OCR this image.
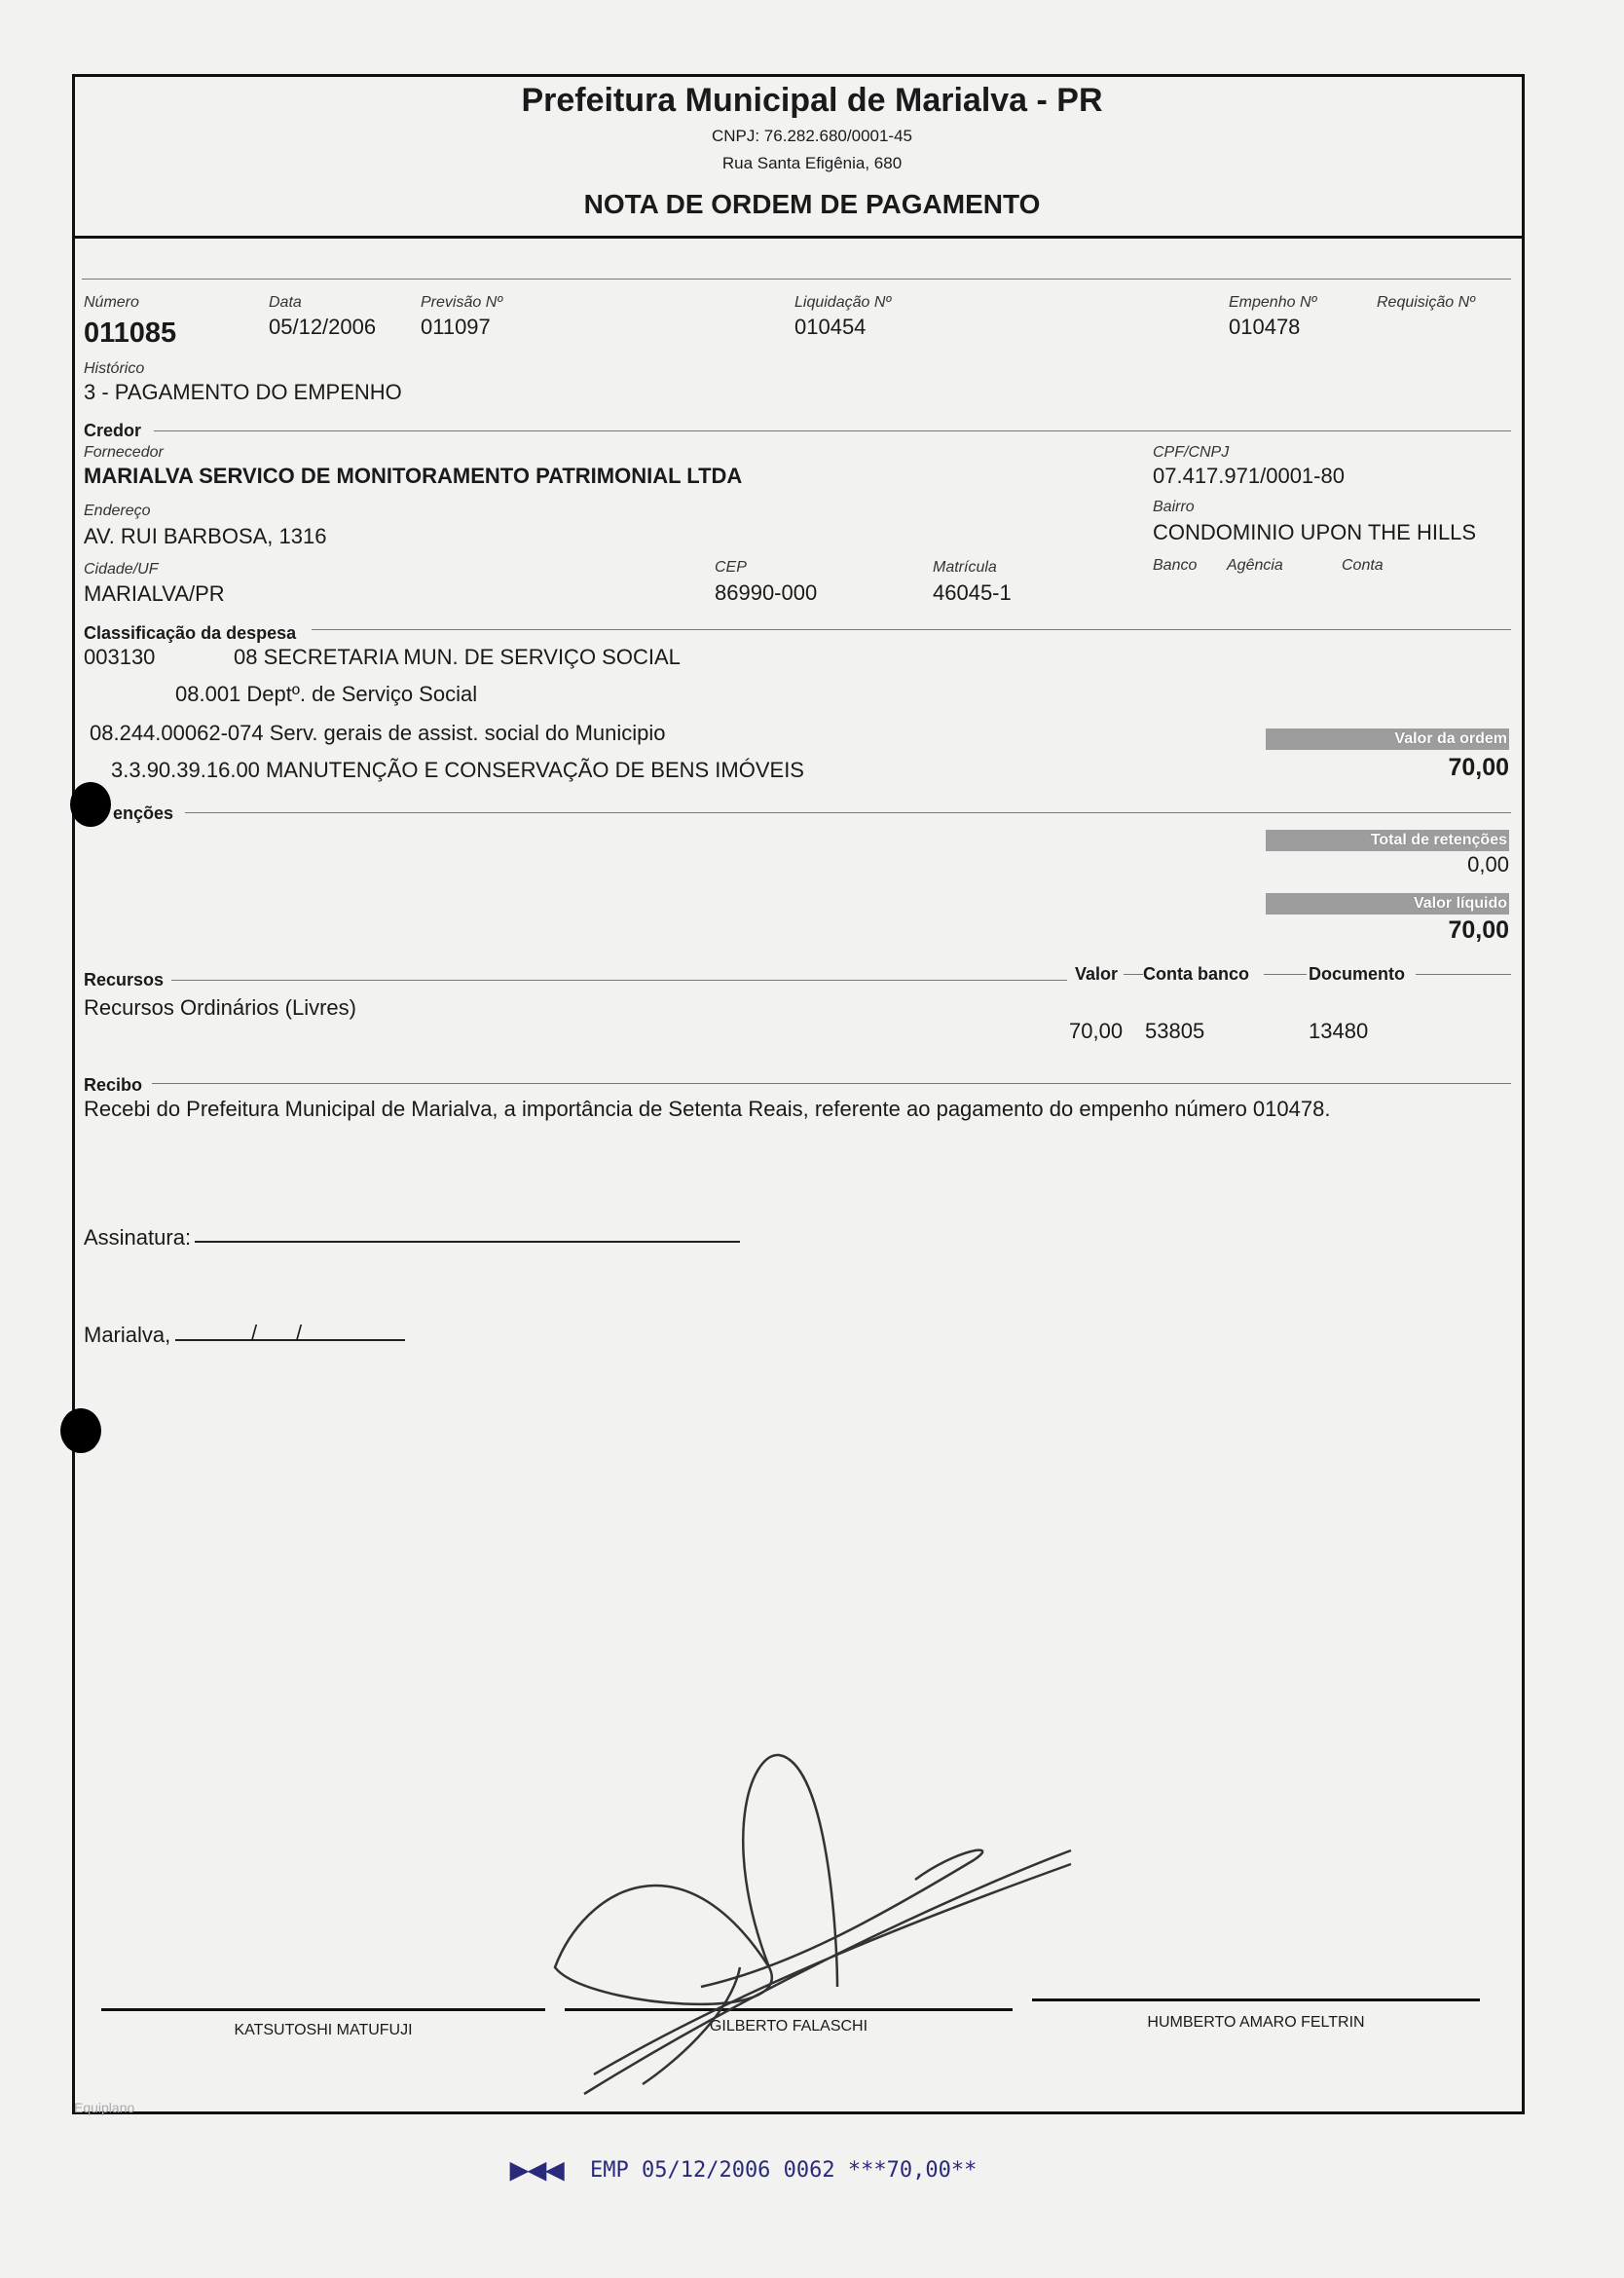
Prefeitura Municipal de Marialva - PR
CNPJ: 76.282.680/0001-45
Rua Santa Efigênia, 680
NOTA DE ORDEM DE PAGAMENTO
Número
011085
Data
05/12/2006
Previsão Nº
011097
Liquidação Nº
010454
Empenho Nº
010478
Requisição Nº
Histórico
3 - PAGAMENTO DO EMPENHO
Credor
Fornecedor
MARIALVA SERVICO DE MONITORAMENTO PATRIMONIAL LTDA
CPF/CNPJ
07.417.971/0001-80
Endereço
AV. RUI BARBOSA, 1316
Bairro
CONDOMINIO UPON THE HILLS
Cidade/UF
MARIALVA/PR
CEP
86990-000
Matrícula
46045-1
Banco Agência	Conta
Classificação da despesa
003130	08 SECRETARIA MUN. DE SERVIÇO SOCIAL
08.001 Deptº. de Serviço Social
08.244.00062-074 Serv. gerais de assist. social do Municipio
3.3.90.39.16.00 MANUTENÇÃO E CONSERVAÇÃO DE BENS IMÓVEIS
Valor da ordem
70,00
enções
Total de retenções
0,00
Valor líquido
70,00
Recursos	Valor Conta banco	Documento
Recursos Ordinários (Livres)
70,00 53805	13480
Recibo
Recebi do Prefeitura Municipal de Marialva, a importância de Setenta Reais, referente ao pagamento do empenho número 010478.
Assinatura:
Marialva,	/ /
KATSUTOSHI MATUFUJI	GILBERTO FALASCHI	HUMBERTO AMARO FELTRIN
Equiplano
▶◀◀ EMP 05/12/2006 0062 ***70,00**
